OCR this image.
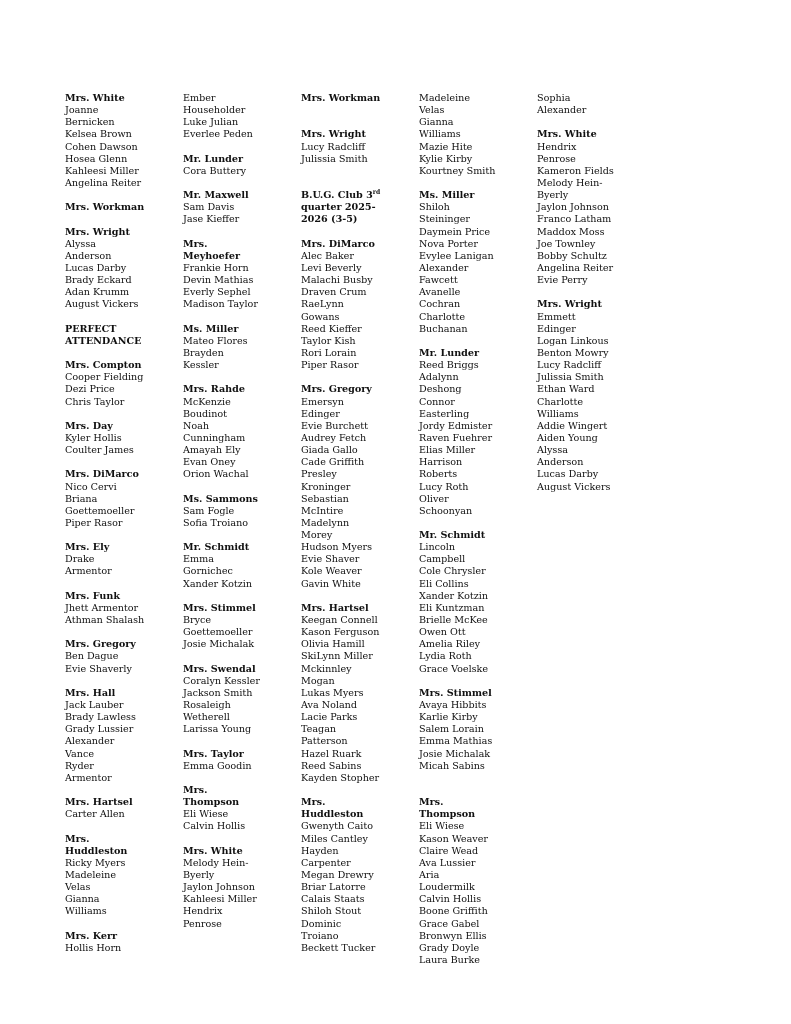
Mrs. White
Joanne
Bernicken
Kelsea Brown
Cohen Dawson
Hosea Glenn
Kahleesi Miller
Angelina Reiter
Mrs. Workman
Mrs. Wright
Alyssa
Anderson
Lucas Darby
Brady Eckard
Adan Krumm
August Vickers
PERFECT
ATTENDANCE
Mrs. Compton
Cooper Fielding
Dezi Price
Chris Taylor
Mrs. Day
Kyler Hollis
Coulter James
Mrs. DiMarco
Nico Cervi
Briana
Goettemoeller
Piper Rasor
Mrs. Ely
Drake
Armentor
Mrs. Funk
Jhett Armentor
Athman Shalash
Mrs. Gregory
Ben Dague
Evie Shaverly
Mrs. Hall
Jack Lauber
Brady Lawless
Grady Lussier
Alexander
Vance
Ryder
Armentor
Mrs. Hartsel
Carter Allen
Mrs.
Huddleston
Ricky Myers
Madeleine
Velas
Gianna
Williams
Mrs. Kerr
Hollis Horn
Ember
Householder
Luke Julian
Everlee Peden
Mr. Lunder
Cora Buttery
Mr. Maxwell
Sam Davis
Jase Kieffer
Mrs.
Meyhoefer
Frankie Horn
Devin Mathias
Everly Sephel
Madison Taylor
Ms. Miller
Mateo Flores
Brayden
Kessler
Mrs. Rahde
McKenzie
Boudinot
Noah
Cunningham
Amayah Ely
Evan Oney
Orion Wachal
Ms. Sammons
Sam Fogle
Sofia Troiano
Mr. Schmidt
Emma
Gornichec
Xander Kotzin
Mrs. Stimmel
Bryce
Goettemoeller
Josie Michalak
Mrs. Swendal
Coralyn Kessler
Jackson Smith
Rosaleigh
Wetherell
Larissa Young
Mrs. Taylor
Emma Goodin
Mrs.
Thompson
Eli Wiese
Calvin Hollis
Mrs. White
Melody Hein-
Byerly
Jaylon Johnson
Kahleesi Miller
Hendrix
Penrose
Mrs. Workman
Mrs. Wright
Lucy Radcliff
Julissia Smith
B.U.G. Club 3rd
quarter 2025-
2026 (3-5)
Mrs. DiMarco
Alec Baker
Levi Beverly
Malachi Busby
Draven Crum
RaeLynn
Gowans
Reed Kieffer
Taylor Kish
Rori Lorain
Piper Rasor
Mrs. Gregory
Emersyn
Edinger
Evie Burchett
Audrey Fetch
Giada Gallo
Cade Griffith
Presley
Kroninger
Sebastian
McIntire
Madelynn
Morey
Hudson Myers
Evie Shaver
Kole Weaver
Gavin White
Mrs. Hartsel
Keegan Connell
Kason Ferguson
Olivia Hamill
SkiLynn Miller
Mckinnley
Mogan
Lukas Myers
Ava Noland
Lacie Parks
Teagan
Patterson
Hazel Ruark
Reed Sabins
Kayden Stopher
Mrs.
Huddleston
Gwenyth Caito
Miles Cantley
Hayden
Carpenter
Megan Drewry
Briar Latorre
Calais Staats
Shiloh Stout
Dominic
Troiano
Beckett Tucker
Madeleine
Velas
Gianna
Williams
Mazie Hite
Kylie Kirby
Kourtney Smith
Ms. Miller
Shiloh
Steininger
Daymein Price
Nova Porter
Evylee Lanigan
Alexander
Fawcett
Avanelle
Cochran
Charlotte
Buchanan
Mr. Lunder
Reed Briggs
Adalynn
Deshong
Connor
Easterling
Jordy Edmister
Raven Fuehrer
Elias Miller
Harrison
Roberts
Lucy Roth
Oliver
Schoonyan
Mr. Schmidt
Lincoln
Campbell
Cole Chrysler
Eli Collins
Xander Kotzin
Eli Kuntzman
Brielle McKee
Owen Ott
Amelia Riley
Lydia Roth
Grace Voelske
Mrs. Stimmel
Avaya Hibbits
Karlie Kirby
Salem Lorain
Emma Mathias
Josie Michalak
Micah Sabins
Mrs.
Thompson
Eli Wiese
Kason Weaver
Claire Wead
Ava Lussier
Aria
Loudermilk
Calvin Hollis
Boone Griffith
Grace Gabel
Bronwyn Ellis
Grady Doyle
Laura Burke
Sophia
Alexander
Mrs. White
Hendrix
Penrose
Kameron Fields
Melody Hein-
Byerly
Jaylon Johnson
Franco Latham
Maddox Moss
Joe Townley
Bobby Schultz
Angelina Reiter
Evie Perry
Mrs. Wright
Emmett
Edinger
Logan Linkous
Benton Mowry
Lucy Radcliff
Julissia Smith
Ethan Ward
Charlotte
Williams
Addie Wingert
Aiden Young
Alyssa
Anderson
Lucas Darby
August Vickers
